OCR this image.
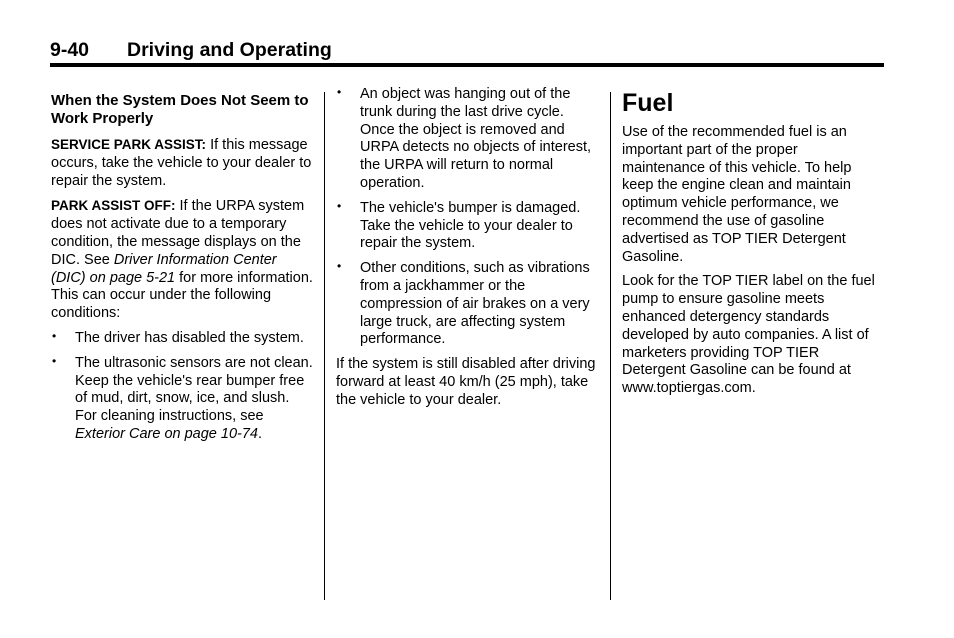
9-40 Driving and Operating
When the System Does Not Seem to Work Properly

SERVICE PARK ASSIST: If this message occurs, take the vehicle to your dealer to repair the system.

PARK ASSIST OFF: If the URPA system does not activate due to a temporary condition, the message displays on the DIC. See Driver Information Center (DIC) on page 5-21 for more information. This can occur under the following conditions:

• The driver has disabled the system.
• The ultrasonic sensors are not clean. Keep the vehicle's rear bumper free of mud, dirt, snow, ice, and slush. For cleaning instructions, see Exterior Care on page 10-74.
• An object was hanging out of the trunk during the last drive cycle. Once the object is removed and URPA detects no objects of interest, the URPA will return to normal operation.
• The vehicle's bumper is damaged. Take the vehicle to your dealer to repair the system.
• Other conditions, such as vibrations from a jackhammer or the compression of air brakes on a very large truck, are affecting system performance.

If the system is still disabled after driving forward at least 40 km/h (25 mph), take the vehicle to your dealer.

Fuel

Use of the recommended fuel is an important part of the proper maintenance of this vehicle. To help keep the engine clean and maintain optimum vehicle performance, we recommend the use of gasoline advertised as TOP TIER Detergent Gasoline.

Look for the TOP TIER label on the fuel pump to ensure gasoline meets enhanced detergency standards developed by auto companies. A list of marketers providing TOP TIER Detergent Gasoline can be found at www.toptiergas.com.
